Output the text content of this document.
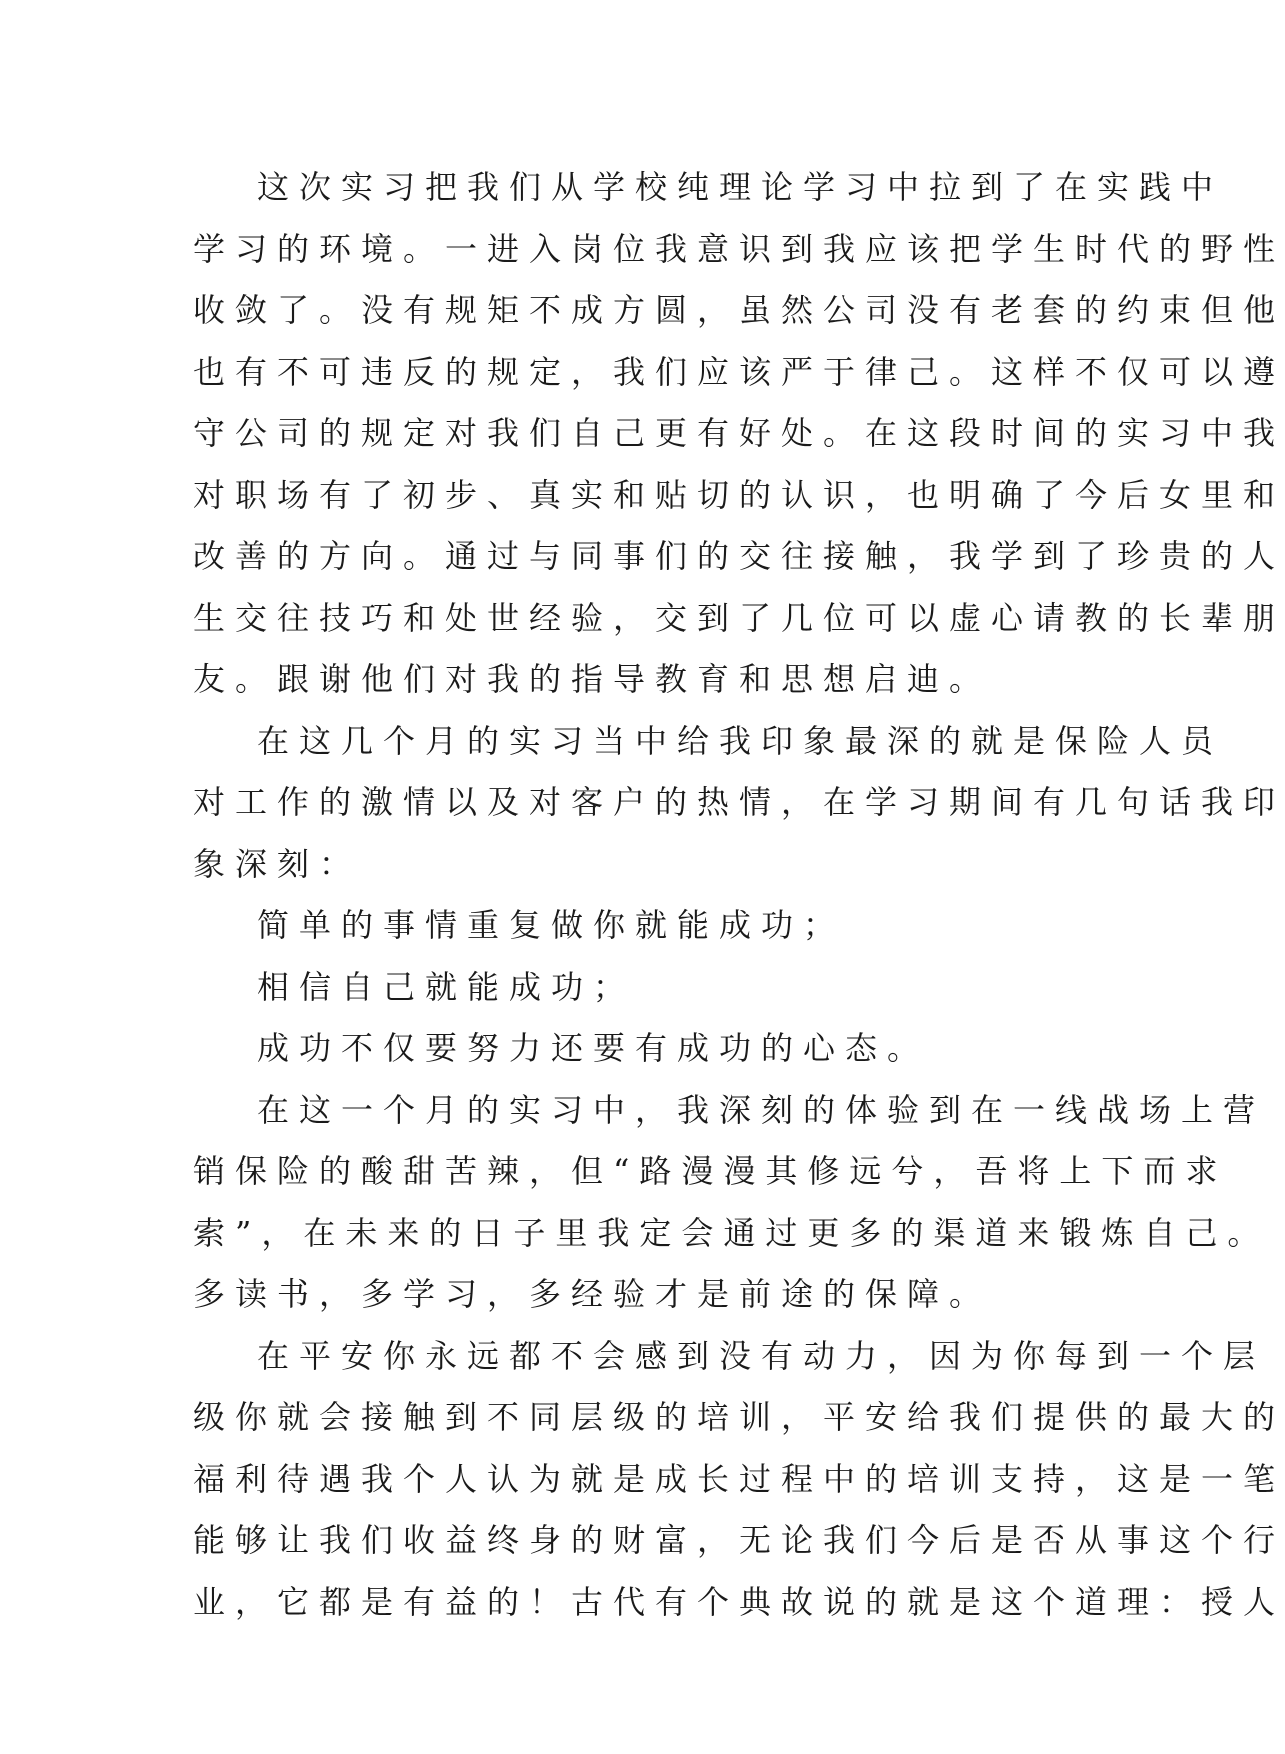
这次实习把我们从学校纯理论学习中拉到了在实践中
学习的环境。一进入岗位我意识到我应该把学生时代的野性
收敛了。没有规矩不成方圆，虽然公司没有老套的约束但他
也有不可违反的规定，我们应该严于律己。这样不仅可以遵
守公司的规定对我们自己更有好处。在这段时间的实习中我
对职场有了初步、真实和贴切的认识，也明确了今后女里和
改善的方向。通过与同事们的交往接触，我学到了珍贵的人
生交往技巧和处世经验，交到了几位可以虚心请教的长辈朋
友。跟谢他们对我的指导教育和思想启迪。
在这几个月的实习当中给我印象最深的就是保险人员
对工作的激情以及对客户的热情，在学习期间有几句话我印
象深刻：
简单的事情重复做你就能成功；
相信自己就能成功；
成功不仅要努力还要有成功的心态。
在这一个月的实习中，我深刻的体验到在一线战场上营
销保险的酸甜苦辣，但“路漫漫其修远兮，吾将上下而求
索”，在未来的日子里我定会通过更多的渠道来锻炼自己。
多读书，多学习，多经验才是前途的保障。
在平安你永远都不会感到没有动力，因为你每到一个层
级你就会接触到不同层级的培训，平安给我们提供的最大的
福利待遇我个人认为就是成长过程中的培训支持，这是一笔
能够让我们收益终身的财富，无论我们今后是否从事这个行
业，它都是有益的！古代有个典故说的就是这个道理：授人
